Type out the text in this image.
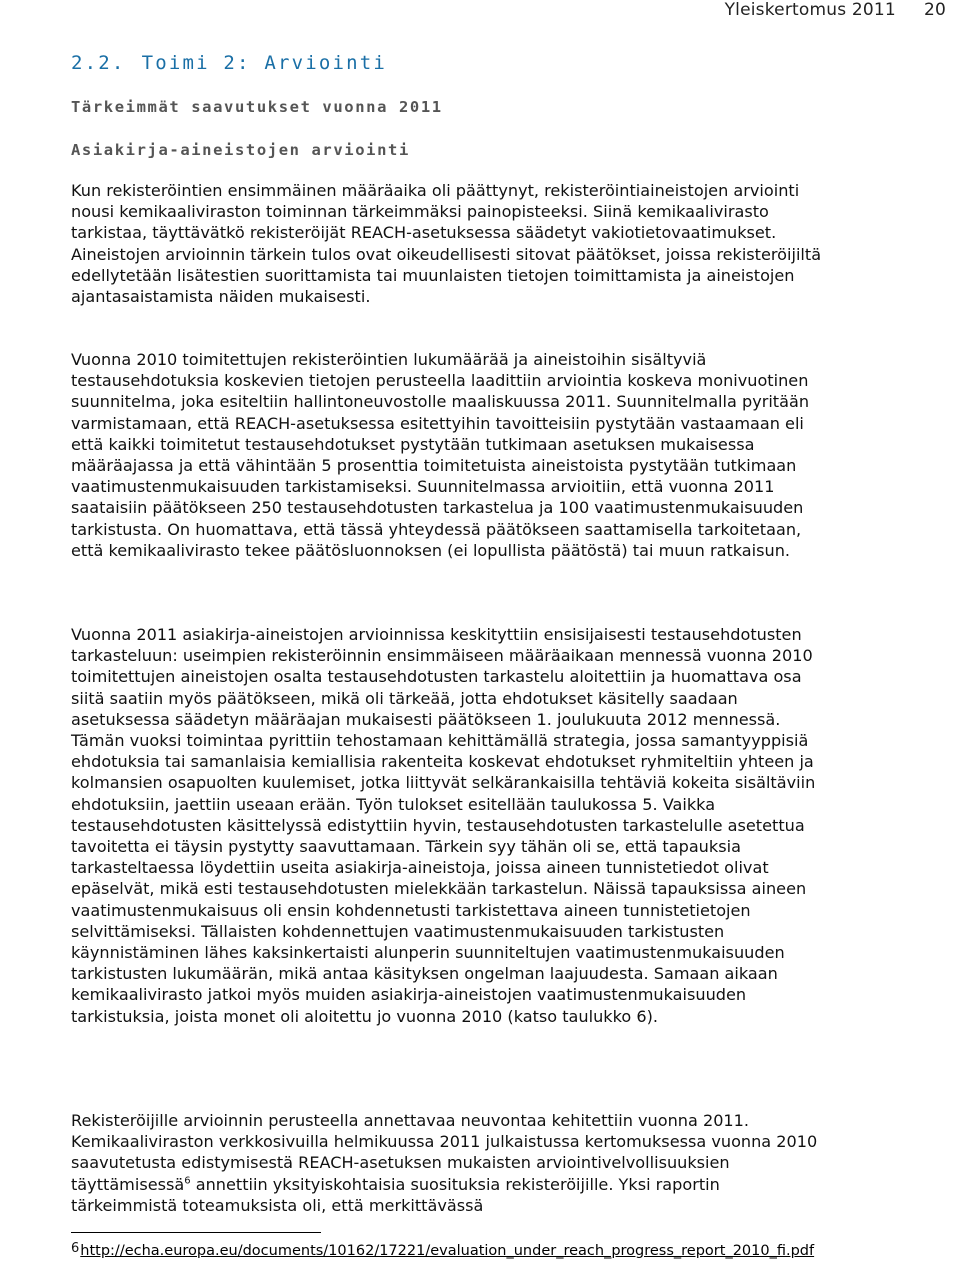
Yleiskertomus 2011 20
2.2. Toimi 2: Arviointi
Tärkeimmät saavutukset vuonna 2011
Asiakirja-aineistojen arviointi
Kun rekisteröintien ensimmäinen määräaika oli päättynyt, rekisteröintiaineistojen arviointi nousi kemikaaliviraston toiminnan tärkeimmäksi painopisteeksi. Siinä kemikaalivirasto tarkistaa, täyttävätkö rekisteröijät REACH-asetuksessa säädetyt vakiotietovaatimukset. Aineistojen arvioinnin tärkein tulos ovat oikeudellisesti sitovat päätökset, joissa rekisteröijiltä edellytetään lisätestien suorittamista tai muunlaisten tietojen toimittamista ja aineistojen ajantasaistamista näiden mukaisesti.
Vuonna 2010 toimitettujen rekisteröintien lukumäärää ja aineistoihin sisältyviä testausehdotuksia koskevien tietojen perusteella laadittiin arviointia koskeva monivuotinen suunnitelma, joka esiteltiin hallintoneuvostolle maaliskuussa 2011. Suunnitelmalla pyritään varmistamaan, että REACH-asetuksessa esitettyihin tavoitteisiin pystytään vastaamaan eli että kaikki toimitetut testausehdotukset pystytään tutkimaan asetuksen mukaisessa määräajassa ja että vähintään 5 prosenttia toimitetuista aineistoista pystytään tutkimaan vaatimustenmukaisuuden tarkistamiseksi. Suunnitelmassa arvioitiin, että vuonna 2011 saataisiin päätökseen 250 testausehdotusten tarkastelua ja 100 vaatimustenmukaisuuden tarkistusta. On huomattava, että tässä yhteydessä päätökseen saattamisella tarkoitetaan, että kemikaalivirasto tekee päätösluonnoksen (ei lopullista päätöstä) tai muun ratkaisun.
Vuonna 2011 asiakirja-aineistojen arvioinnissa keskityttiin ensisijaisesti testausehdotusten tarkasteluun: useimpien rekisteröinnin ensimmäiseen määräaikaan mennessä vuonna 2010 toimitettujen aineistojen osalta testausehdotusten tarkastelu aloitettiin ja huomattava osa siitä saatiin myös päätökseen, mikä oli tärkeää, jotta ehdotukset käsitelly saadaan asetuksessa säädetyn määräajan mukaisesti päätökseen 1. joulukuuta 2012 mennessä. Tämän vuoksi toimintaa pyrittiin tehostamaan kehittämällä strategia, jossa samantyyppisiä ehdotuksia tai samanlaisia kemiallisia rakenteita koskevat ehdotukset ryhmiteltiin yhteen ja kolmansien osapuolten kuulemiset, jotka liittyvät selkärankaisilla tehtäviä kokeita sisältäviin ehdotuksiin, jaettiin useaan erään. Työn tulokset esitellään taulukossa 5. Vaikka testausehdotusten käsittelyssä edistyttiin hyvin, testausehdotusten tarkastelulle asetettua tavoitetta ei täysin pystytty saavuttamaan. Tärkein syy tähän oli se, että tapauksia tarkasteltaessa löydettiin useita asiakirja-aineistoja, joissa aineen tunnistetiedot olivat epäselvät, mikä esti testausehdotusten mielekkään tarkastelun. Näissä tapauksissa aineen vaatimustenmukaisuus oli ensin kohdennetusti tarkistettava aineen tunnistetietojen selvittämiseksi. Tällaisten kohdennettujen vaatimustenmukaisuuden tarkistusten käynnistäminen lähes kaksinkertaisti alunperin suunniteltujen vaatimustenmukaisuuden tarkistusten lukumäärän, mikä antaa käsityksen ongelman laajuudesta. Samaan aikaan kemikaalivirasto jatkoi myös muiden asiakirja-aineistojen vaatimustenmukaisuuden tarkistuksia, joista monet oli aloitettu jo vuonna 2010 (katso taulukko 6).
Rekisteröijille arvioinnin perusteella annettavaa neuvontaa kehitettiin vuonna 2011. Kemikaaliviraston verkkosivuilla helmikuussa 2011 julkaistussa kertomuksessa vuonna 2010 saavutetusta edistymisestä REACH-asetuksen mukaisten arviointivelvollisuuksien täyttämisessä$^6$ annettiin yksityiskohtaisia suosituksia rekisteröijille. Yksi raportin tärkeimmistä toteamuksista oli, että merkittävässä
6http://echa.europa.eu/documents/10162/17221/evaluation_under_reach_progress_report_2010_fi.pdf
